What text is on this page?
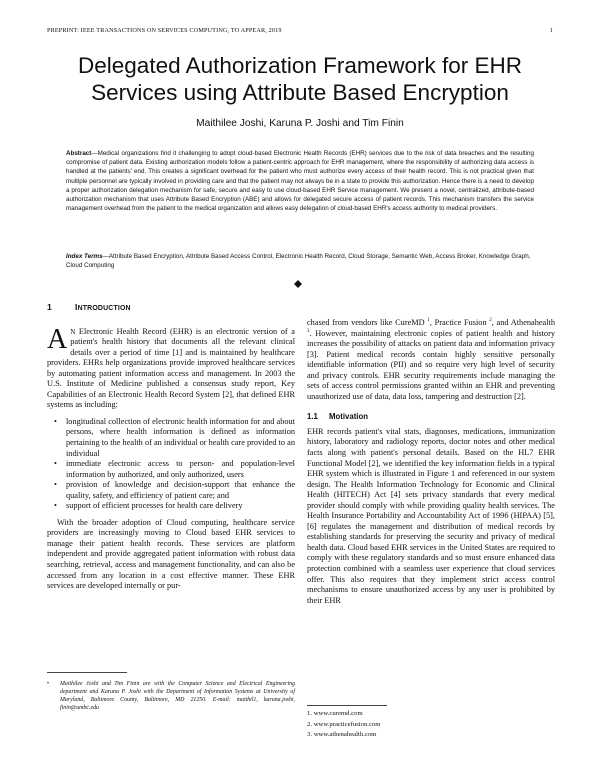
PREPRINT: IEEE TRANSACTIONS ON SERVICES COMPUTING, TO APPEAR, 2019	1
Delegated Authorization Framework for EHR Services using Attribute Based Encryption
Maithilee Joshi, Karuna P. Joshi and Tim Finin
Abstract—Medical organizations find it challenging to adopt cloud-based Electronic Health Records (EHR) services due to the risk of data breaches and the resulting compromise of patient data. Existing authorization models follow a patient-centric approach for EHR management, where the responsibility of authorizing data access is handled at the patients' end. This creates a significant overhead for the patient who must authorize every access of their health record. This is not practical given that multiple personnel are typically involved in providing care and that the patient may not always be in a state to provide this authorization. Hence there is a need to develop a proper authorization delegation mechanism for safe, secure and easy to use cloud-based EHR Service management. We present a novel, centralized, attribute-based authorization mechanism that uses Attribute Based Encryption (ABE) and allows for delegated secure access of patient records. This mechanism transfers the service management overhead from the patient to the medical organization and allows easy delegation of cloud-based EHR's access authority to medical providers.
Index Terms—Attribute Based Encryption, Attribute Based Access Control, Electronic Health Record, Cloud Storage, Semantic Web, Access Broker, Knowledge Graph, Cloud Computing
1	INTRODUCTION

AN Electronic Health Record (EHR) is an electronic version of a patient's health history that documents all the relevant clinical details over a period of time [1] and is maintained by healthcare providers. EHRs help organizations provide improved healthcare services by automating patient information access and management. In 2003 the U.S. Institute of Medicine published a consensus study report, Key Capabilities of an Electronic Health Record System [2], that defined EHR systems as including:

• longitudinal collection of electronic health information for and about persons, where health information is defined as information pertaining to the health of an individual or health care provided to an individual
• immediate electronic access to person- and population-level information by authorized, and only authorized, users
• provision of knowledge and decision-support that enhance the quality, safety, and efficiency of patient care; and
• support of efficient processes for health care delivery

With the broader adoption of Cloud computing, healthcare service providers are increasingly moving to Cloud based EHR services to manage their patient health records. These services are platform independent and provide aggregated patient information with robust data searching, retrieval, access and management functionality, and can also be accessed from any location in a cost effective manner. These EHR services are developed internally or pur-

chased from vendors like CureMD $^1$, Practice Fusion $^2$, and Athenahealth $^3$. However, maintaining electronic copies of patient health and history increases the possibility of attacks on patient data and information privacy [3]. Patient medical records contain highly sensitive personally identifiable information (PII) and so require very high level of security and privacy controls. EHR security requirements include managing the sets of access control permissions granted within an EHR and preventing unauthorized use of data, data loss, tampering and destruction [2].

1.1 Motivation

EHR records patient's vital stats, diagnoses, medications, immunization history, laboratory and radiology reports, doctor notes and other medical facts along with patient's personal details. Based on the HL7 EHR Functional Model [2], we identified the key information fields in a typical EHR system which is illustrated in Figure 1 and referenced in our system design. The Health Information Technology for Economic and Clinical Health (HITECH) Act [4] sets privacy standards that every medical provider should comply with while providing quality health services. The Health Insurance Portability and Accountability Act of 1996 (HIPAA) [5], [6] regulates the management and distribution of medical records by establishing standards for preserving the security and privacy of medical health data. Cloud based EHR services in the United States are required to comply with these regulatory standards and so must ensure enhanced data protection combined with a seamless user experience that cloud services offer. This also requires that they implement strict access control mechanisms to ensure unauthorized access by any user is prohibited by their EHR

•	Maithilee Joshi and Tim Finin are with the Computer Science and Electrical Engineering department and Karuna P. Joshi with the Department of Information Systems at University of Maryland, Baltimore County, Baltimore, MD 21250. E-mail: maithil1, karuna.joshi, finin@umbc.edu
1. www.curemd.com
2. www.practicefusion.com
3. www.athenahealth.com
